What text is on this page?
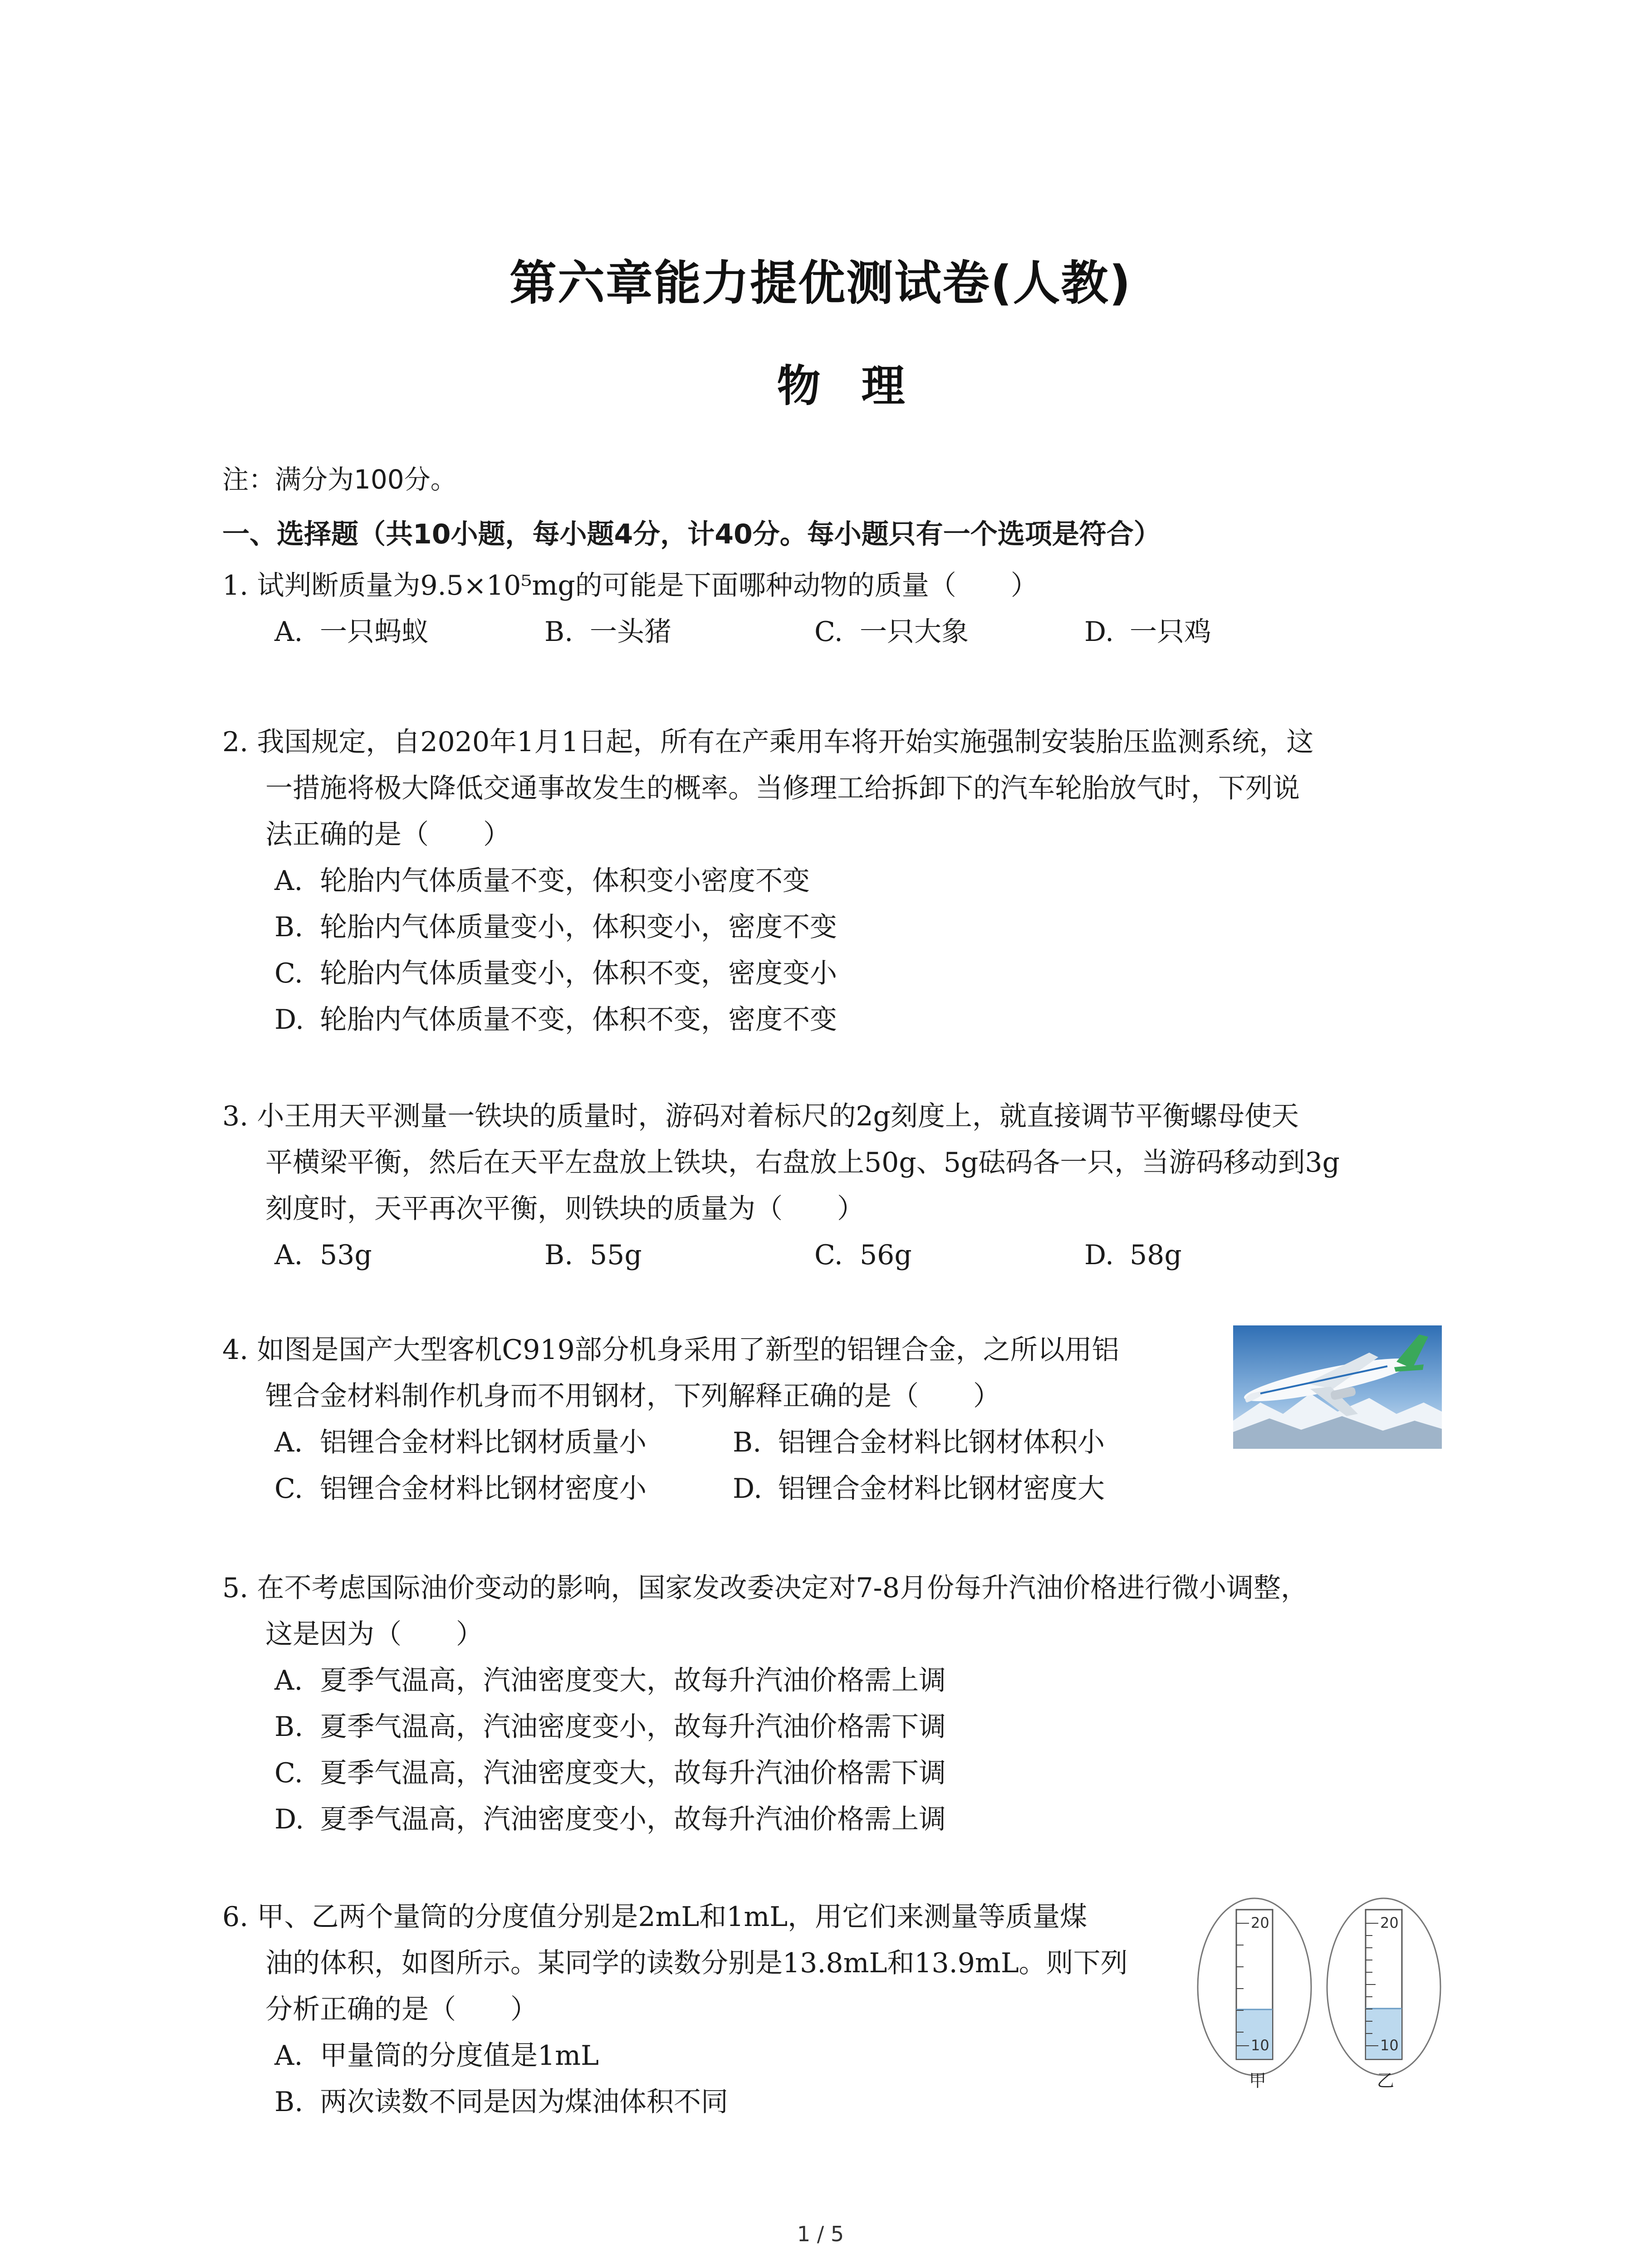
第六章能力提优测试卷(人教)
物理
注：满分为100分。
一、选择题（共10小题，每小题4分，计40分。每小题只有一个选项是符合）
1. 试判断质量为9.5×10⁵mg的可能是下面哪种动物的质量（　　）
A. 一只蚂蚁	B. 一头猪	C. 一只大象	D. 一只鸡
2. 我国规定，自2020年1月1日起，所有在产乘用车将开始实施强制安装胎压监测系统，这
一措施将极大降低交通事故发生的概率。当修理工给拆卸下的汽车轮胎放气时，下列说
法正确的是（　　）
A. 轮胎内气体质量不变，体积变小密度不变
B. 轮胎内气体质量变小，体积变小，密度不变
C. 轮胎内气体质量变小，体积不变，密度变小
D. 轮胎内气体质量不变，体积不变，密度不变
3. 小王用天平测量一铁块的质量时，游码对着标尺的2g刻度上，就直接调节平衡螺母使天
平横梁平衡，然后在天平左盘放上铁块，右盘放上50g、5g砝码各一只，当游码移动到3g
刻度时，天平再次平衡，则铁块的质量为（　　）
A. 53g	B. 55g	C. 56g	D. 58g
4. 如图是国产大型客机C919部分机身采用了新型的铝锂合金，之所以用铝
锂合金材料制作机身而不用钢材，下列解释正确的是（　　）
A. 铝锂合金材料比钢材质量小	B. 铝锂合金材料比钢材体积小
C. 铝锂合金材料比钢材密度小	D. 铝锂合金材料比钢材密度大
5. 在不考虑国际油价变动的影响，国家发改委决定对7-8月份每升汽油价格进行微小调整，
这是因为（　　）
A. 夏季气温高，汽油密度变大，故每升汽油价格需上调
B. 夏季气温高，汽油密度变小，故每升汽油价格需下调
C. 夏季气温高，汽油密度变大，故每升汽油价格需下调
D. 夏季气温高，汽油密度变小，故每升汽油价格需上调
6. 甲、乙两个量筒的分度值分别是2mL和1mL，用它们来测量等质量煤
油的体积，如图所示。某同学的读数分别是13.8mL和13.9mL。则下列
分析正确的是（　　）
A. 甲量筒的分度值是1mL
B. 两次读数不同是因为煤油体积不同
20
10
甲
20
10
乙
1 / 5
